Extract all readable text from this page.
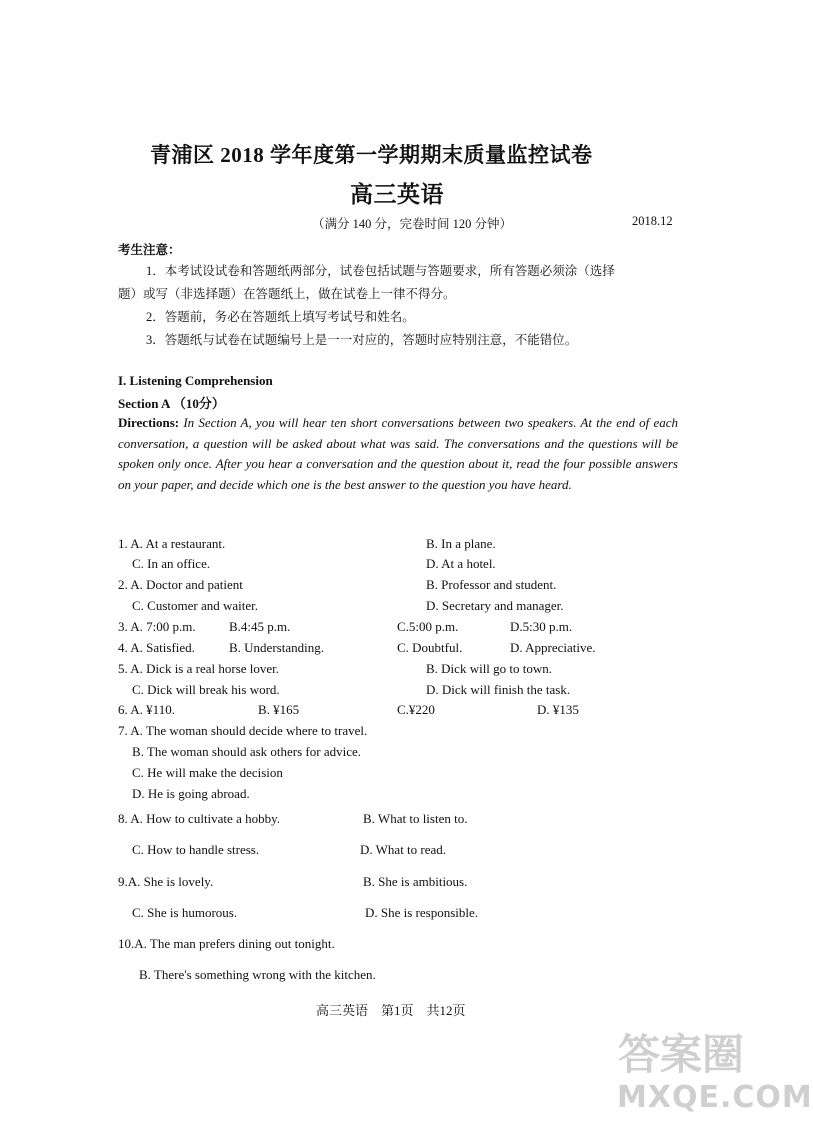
青浦区 2018 学年度第一学期期末质量监控试卷
高三英语
（满分 140 分，完卷时间 120 分钟）	2018.12
考生注意：
1．本考试设试卷和答题纸两部分，试卷包括试题与答题要求，所有答题必须涂（选择
题）或写（非选择题）在答题纸上，做在试卷上一律不得分。
2．答题前，务必在答题纸上填写考试号和姓名。
3．答题纸与试卷在试题编号上是一一对应的，答题时应特别注意，不能错位。
I. Listening Comprehension
Section A （10分）
Directions: In Section A, you will hear ten short conversations between two speakers. At the end of each conversation, a question will be asked about what was said. The conversations and the questions will be spoken only once. After you hear a conversation and the question about it, read the four possible answers on your paper, and decide which one is the best answer to the question you have heard.
1. A. At a restaurant.	B. In a plane.
C. In an office.	D. At a hotel.
2. A. Doctor and patient	B. Professor and student.
C. Customer and waiter.	D. Secretary and manager.
3. A. 7:00 p.m.	B.4:45 p.m.	C.5:00 p.m.	D.5:30 p.m.
4. A. Satisfied.	B. Understanding.	C. Doubtful.	D. Appreciative.
5. A. Dick is a real horse lover.	B. Dick will go to town.
C. Dick will break his word.	D. Dick will finish the task.
6. A. ¥110.	B. ¥165	C.¥220	D. ¥135
7. A. The woman should decide where to travel.
B. The woman should ask others for advice.
C. He will make the decision
D. He is going abroad.
8. A. How to cultivate a hobby.	B. What to listen to.
C. How to handle stress.	D. What to read.
9.A. She is lovely.	B. She is ambitious.
C. She is humorous.	D. She is responsible.
10.A. The man prefers dining out tonight.
B. There's something wrong with the kitchen.
高三英语　第1页　共12页
答案圈
MXQE.COM
